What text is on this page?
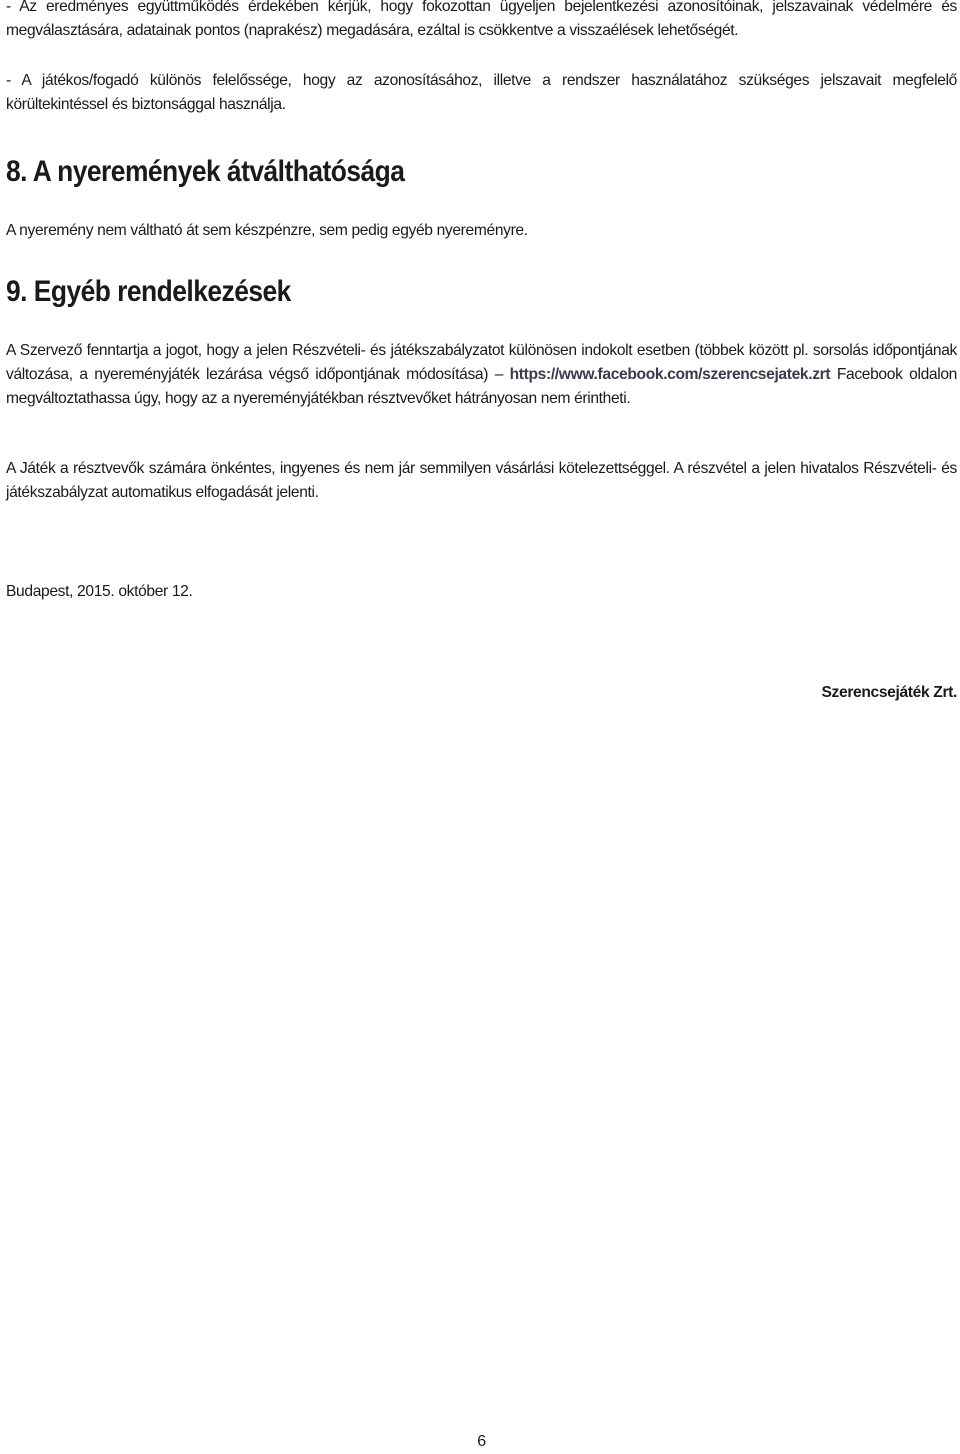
- Az eredményes együttműködés érdekében kérjük, hogy fokozottan ügyeljen bejelentkezési azonosítóinak, jelszavainak védelmére és megválasztására, adatainak pontos (naprakész) megadására, ezáltal is csökkentve a visszaélések lehetőségét.

- A játékos/fogadó különös felelőssége, hogy az azonosításához, illetve a rendszer használatához szükséges jelszavait megfelelő körültekintéssel és biztonsággal használja.

8. A nyeremények átválthatósága

A nyeremény nem váltható át sem készpénzre, sem pedig egyéb nyereményre.

9. Egyéb rendelkezések

A Szervező fenntartja a jogot, hogy a jelen Részvételi- és játékszabályzatot különösen indokolt esetben (többek között pl. sorsolás időpontjának változása, a nyereményjáték lezárása végső időpontjának módosítása) – https://www.facebook.com/szerencsejatek.zrt Facebook oldalon megváltoztathassa úgy, hogy az a nyereményjátékban résztvevőket hátrányosan nem érintheti.

A Játék a résztvevők számára önkéntes, ingyenes és nem jár semmilyen vásárlási kötelezettséggel. A részvétel a jelen hivatalos Részvételi- és játékszabályzat automatikus elfogadását jelenti.

Budapest, 2015. október 12.

Szerencsejáték Zrt.

6
